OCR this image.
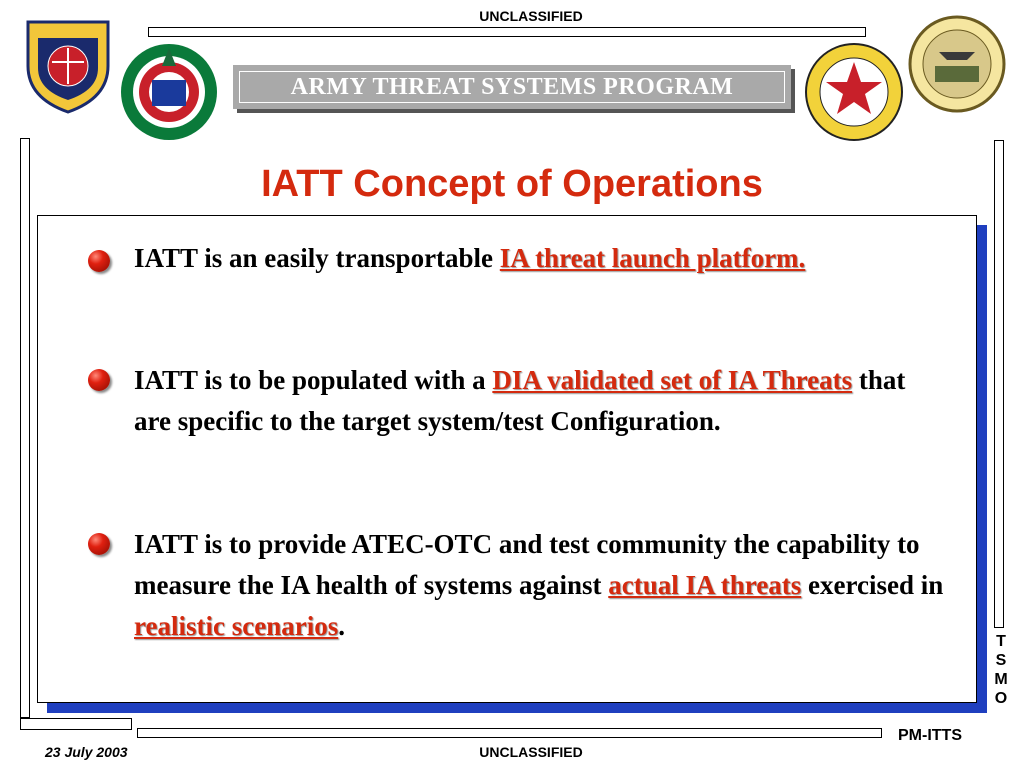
UNCLASSIFIED
ARMY THREAT SYSTEMS PROGRAM
IATT Concept of Operations
IATT is an easily transportable IA threat launch platform.
IATT is to be populated with a DIA validated set of IA Threats that are specific to the target system/test Configuration.
IATT is to provide ATEC-OTC and test community the capability to measure the IA health of systems against actual IA threats exercised in realistic scenarios.
T
S
M
O
23 July 2003	UNCLASSIFIED
PM-ITTS
